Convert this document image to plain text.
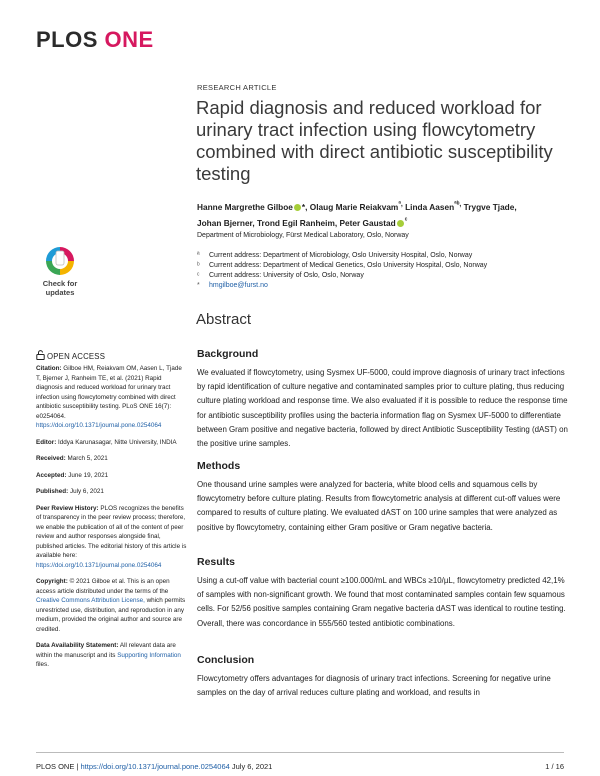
PLOS ONE
RESEARCH ARTICLE
Rapid diagnosis and reduced workload for urinary tract infection using flowcytometry combined with direct antibiotic susceptibility testing
Hanne Margrethe Gilboe *, Olaug Marie Reiakvam$^{ª,}$ Linda Aasen$^{ªᵇ,}$ Trygve Tjade,
Johan Bjerner, Trond Egil Ranheim, Peter Gaustad $^ᶜ$
Department of Microbiology, Fürst Medical Laboratory, Oslo, Norway
ª Current address: Department of Microbiology, Oslo University Hospital, Oslo, Norway
ᵇ Current address: Department of Medical Genetics, Oslo University Hospital, Oslo, Norway
ᶜ Current address: University of Oslo, Oslo, Norway
* hmgilboe@furst.no
Check for
updates
OPEN ACCESS
Citation: Gilboe HM, Reiakvam OM, Aasen L, Tjade T, Bjerner J, Ranheim TE, et al. (2021) Rapid diagnosis and reduced workload for urinary tract infection using flowcytometry combined with direct antibiotic susceptibility testing. PLoS ONE 16(7): e0254064. https://doi.org/10.1371/journal.pone.0254064
Editor: Iddya Karunasagar, Nitte University, INDIA
Received: March 5, 2021
Accepted: June 19, 2021
Published: July 6, 2021
Peer Review History: PLOS recognizes the benefits of transparency in the peer review process; therefore, we enable the publication of all of the content of peer review and author responses alongside final, published articles. The editorial history of this article is available here: https://doi.org/10.1371/journal.pone.0254064
Copyright: © 2021 Gilboe et al. This is an open access article distributed under the terms of the Creative Commons Attribution License, which permits unrestricted use, distribution, and reproduction in any medium, provided the original author and source are credited.
Data Availability Statement: All relevant data are within the manuscript and its Supporting Information files.
Abstract
Background

We evaluated if flowcytometry, using Sysmex UF-5000, could improve diagnosis of urinary tract infections by rapid identification of culture negative and contaminated samples prior to culture plating, thus reducing culture plating workload and response time. We also evaluated if it is possible to reduce the response time for antibiotic susceptibility profiles using the bacteria information flag on Sysmex UF-5000 to differentiate between Gram positive and negative bacteria, followed by direct Antibiotic Susceptibility Testing (dAST) on the positive urine samples.

Methods

One thousand urine samples were analyzed for bacteria, white blood cells and squamous cells by flowcytometry before culture plating. Results from flowcytometric analysis at different cut-off values were compared to results of culture plating. We evaluated dAST on 100 urine samples that were analyzed as positive by flowcytometry, containing either Gram positive or Gram negative bacteria.

Results

Using a cut-off value with bacterial count ≥100.000/mL and WBCs ≥10/µL, flowcytometry predicted 42,1% of samples with non-significant growth. We found that most contaminated samples contain few squamous cells. For 52/56 positive samples containing Gram negative bacteria dAST was identical to routine testing. Overall, there was concordance in 555/560 tested antibiotic combinations.

Conclusion

Flowcytometry offers advantages for diagnosis of urinary tract infections. Screening for negative urine samples on the day of arrival reduces culture plating and workload, and results in

PLOS ONE | https://doi.org/10.1371/journal.pone.0254064 July 6, 2021	1 / 16
